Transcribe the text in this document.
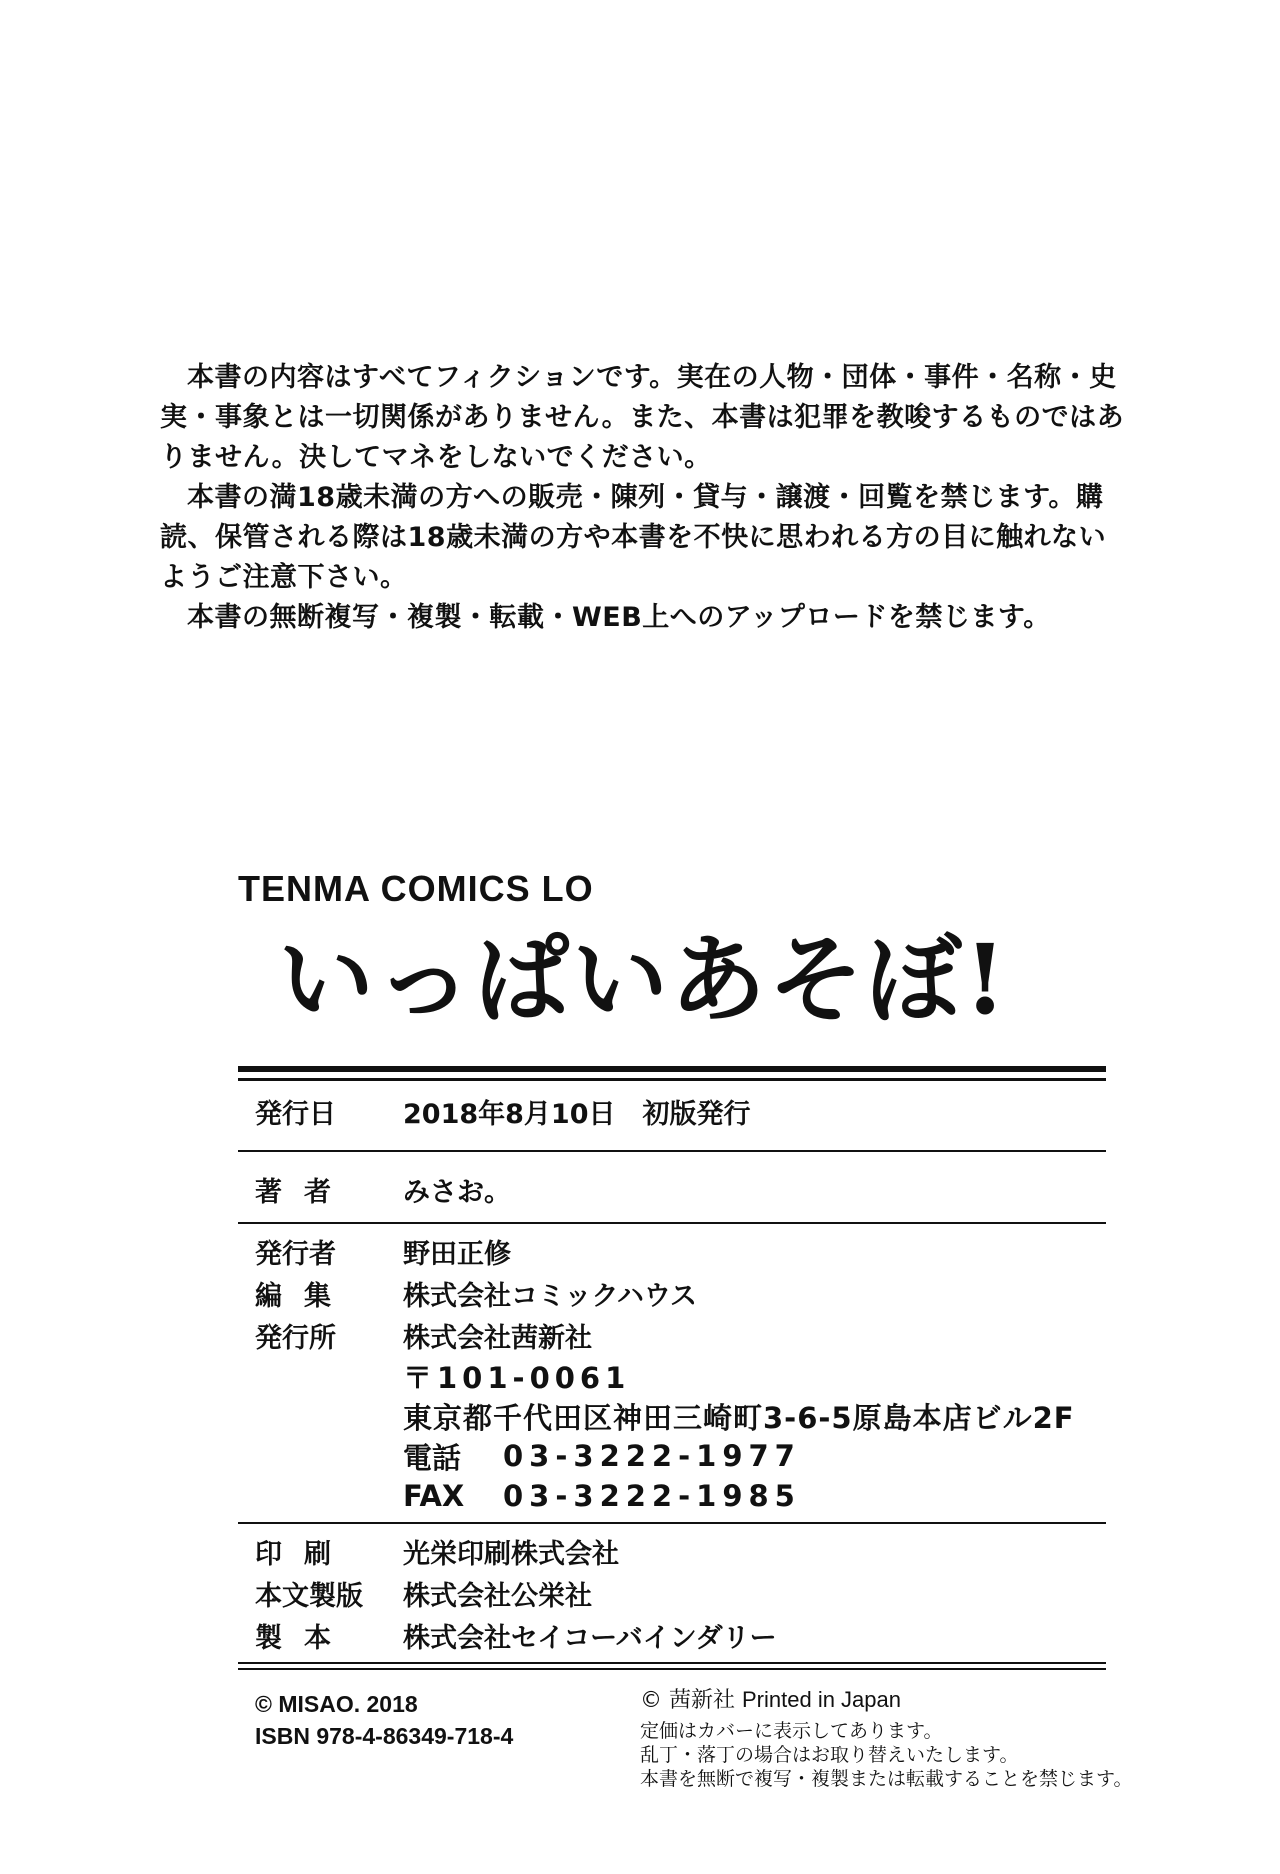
本書の内容はすべてフィクションです。実在の人物・団体・事件・名称・史実・事象とは一切関係がありません。また、本書は犯罪を教唆するものではありません。決してマネをしないでください。

本書の満18歳未満の方への販売・陳列・貸与・譲渡・回覧を禁じます。購読、保管される際は18歳未満の方や本書を不快に思われる方の目に触れないようご注意下さい。

本書の無断複写・複製・転載・WEB上へのアップロードを禁じます。

TENMA COMICS LO
いっぱいあそぼ!
発行日	2018年8月10日　初版発行
著者	みさお。
発行者	野田正修
編集	株式会社コミックハウス
発行所	株式会社茜新社
〒101-0061
東京都千代田区神田三崎町3-6-5原島本店ビル2F
電話	03-3222-1977
FAX	03-3222-1985
印刷	光栄印刷株式会社
本文製版	株式会社公栄社
製本	株式会社セイコーバインダリー
© MISAO. 2018
ISBN 978-4-86349-718-4
© 茜新社 Printed in Japan
定価はカバーに表示してあります。
乱丁・落丁の場合はお取り替えいたします。
本書を無断で複写・複製または転載することを禁じます。
